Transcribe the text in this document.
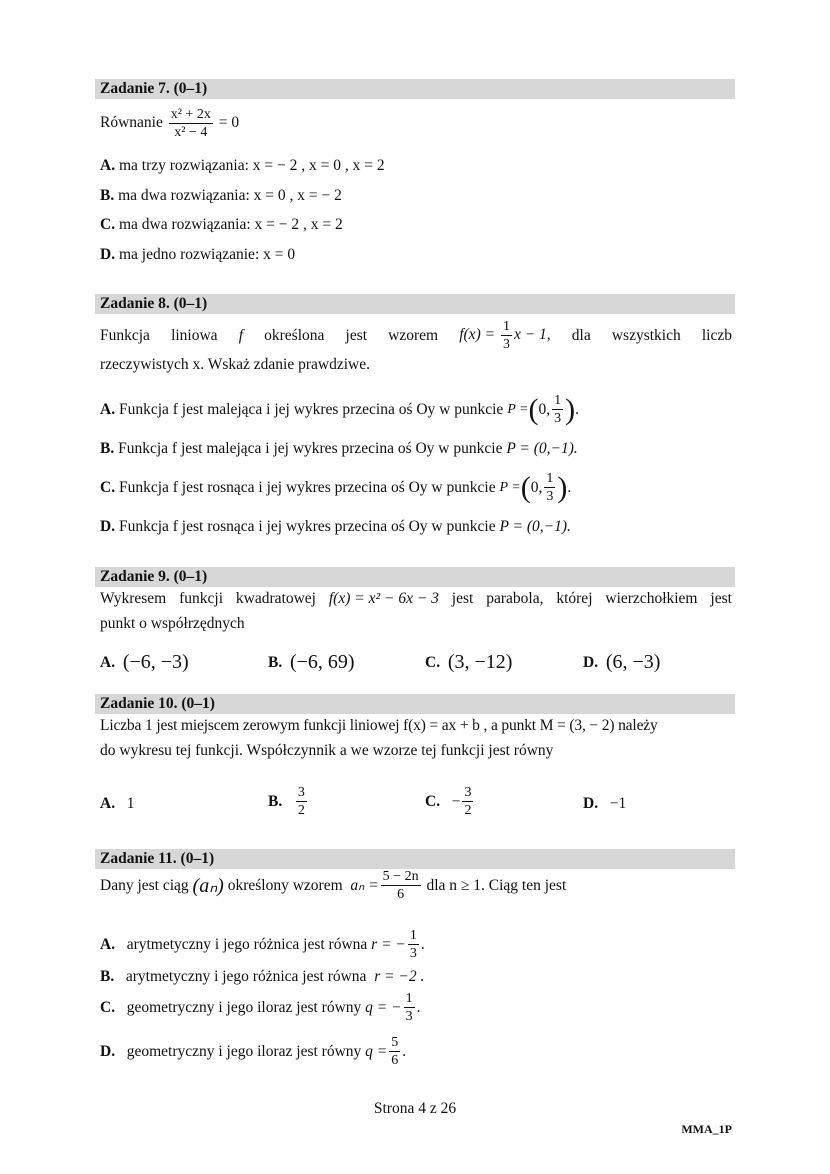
Zadanie 7. (0–1)
Równanie $\frac{\text{x² + 2x}}{\text{x² − 4}} = 0$
A. ma trzy rozwiązania: x = − 2 , x = 0 , x = 2
B. ma dwa rozwiązania: x = 0 , x = − 2
C. ma dwa rozwiązania: x = − 2 , x = 2
D. ma jedno rozwiązanie: x = 0
Zadanie 8. (0–1)
Funkcja liniowa f określona jest wzorem $f(x) = \frac{1}{3}$ x − 1, dla wszystkich liczb
rzeczywistych x. Wskaż zdanie prawdziwe.
A.
Funkcja f jest malejąca i jej wykres przecina oś Oy w punkcie
P = ( 0, $\frac{1}{3}$ ) .
B. Funkcja f jest malejąca i jej wykres przecina oś Oy w punkcie P = (0,−1).
C.
Funkcja f jest rosnąca i jej wykres przecina oś Oy w punkcie
P = ( 0, $\frac{1}{3}$ ) .
D. Funkcja f jest rosnąca i jej wykres przecina oś Oy w punkcie P = (0,−1).
Zadanie 9. (0–1)
Wykresem funkcji kwadratowej f(x) = x² − 6x − 3 jest parabola, której wierzchołkiem jest
punkt o współrzędnych
A. (−6, −3)	B. (−6, 69)	C. (3, −12)	D. (6, −3)
Zadanie 10. (0–1)
Liczba 1 jest miejscem zerowym funkcji liniowej f(x) = ax + b , a punkt M = (3, − 2) należy
do wykresu tej funkcji. Współczynnik a we wzorze tej funkcji jest równy
A. 1	B.
$\frac{3}{2}$	C.
− $\frac{3}{2}$	D. −1
Zadanie 11. (0–1)
Dany jest ciąg
(aₙ)
określony wzorem
$a_n = \frac{5 - 2n}{6}$
dla n ≥ 1. Ciąg ten jest
A.
arytmetyczny i jego różnica jest równa
r = − $\frac{1}{3}$ .
B. arytmetyczny i jego różnica jest równa r = −2 .
C.
geometryczny i jego iloraz jest równy
q = − $\frac{1}{3}$ .
D.
geometryczny i jego iloraz jest równy
$q = \frac{5}{6}$ .
Strona 4 z 26
MMA_1P
